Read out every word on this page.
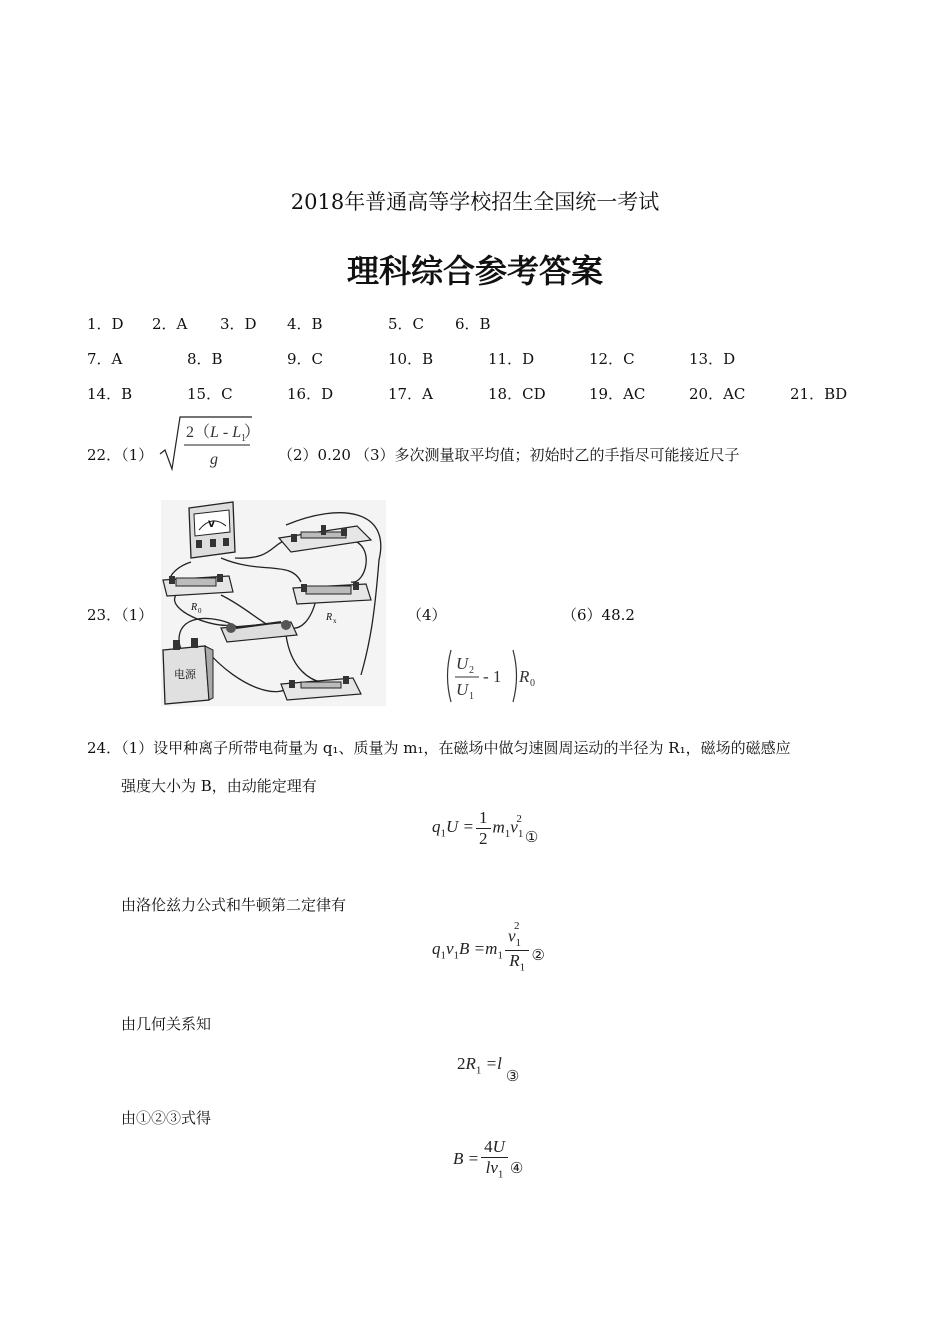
2018年普通高等学校招生全国统一考试
理科综合参考答案
1．D 2．A 3．D 4．B	5．C 6．B
7．A	8．B	9．C	10．B	11．D	12．C	13．D
14．B	15．C	16．D	17．A	18．CD	19．AC	20．AC	21．BD
22．（1）
2（L - L 1
）
g	（2）0.20 （3）多次测量取平均值；初始时乙的手指尽可能接近尺子
23．（1）
V
R 0
R x
电源
（4）	（6）48.2
U 2
U 1
- 1 R 0
24．（1）设甲种离子所带电荷量为 q₁、质量为 m₁，在磁场中做匀速圆周运动的半径为 R₁，磁场的磁感应
强度大小为 B，由动能定理有
$q_1U = \frac{1}{2} m_1v_1^2$
①
由洛伦兹力公式和牛顿第二定律有
$q_1v_1B =m_1 \frac{v_1^2}{R_1}$ ②
由几何关系知
$2R_1 =l$
③
由①②③式得
$B = \frac{4U}{lv_1}$ ④
